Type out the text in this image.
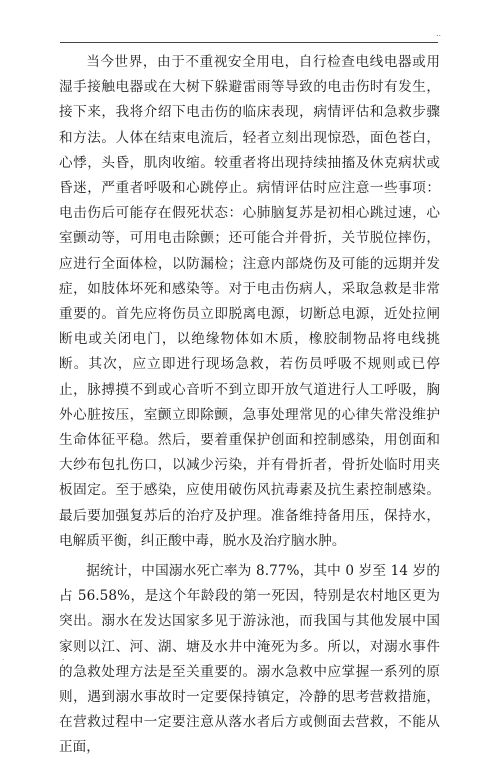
..

当今世界，由于不重视安全用电，自行检查电线电器或用湿手接触电器或在大树下躲避雷雨等导致的电击伤时有发生，接下来，我将介绍下电击伤的临床表现，病情评估和急救步骤和方法。人体在结束电流后，轻者立刻出现惊恐，面色苍白，心悸，头昏，肌肉收缩。较重者将出现持续抽搐及休克病状或昏迷，严重者呼吸和心跳停止。病情评估时应注意一些事项：电击伤后可能存在假死状态：心肺脑复苏是初相心跳过速，心室颤动等，可用电击除颤；还可能合并骨折，关节脱位摔伤，应进行全面体检，以防漏检；注意内部烧伤及可能的远期并发症，如肢体坏死和感染等。对于电击伤病人，采取急救是非常重要的。首先应将伤员立即脱离电源，切断总电源，近处拉闸断电或关闭电门，以绝缘物体如木质，橡胶制物品将电线挑断。其次，应立即进行现场急救，若伤员呼吸不规则或已停止，脉搏摸不到或心音听不到立即开放气道进行人工呼吸，胸外心脏按压，室颤立即除颤，急事处理常见的心律失常没维护生命体征平稳。然后，要着重保护创面和控制感染，用创面和大纱布包扎伤口，以减少污染，并有骨折者，骨折处临时用夹板固定。至于感染，应使用破伤风抗毒素及抗生素控制感染。最后要加强复苏后的治疗及护理。准备维持备用压，保持水，电解质平衡，纠正酸中毒，脱水及治疗脑水肿。

据统计，中国溺水死亡率为 8.77%，其中 0 岁至 14 岁的占 56.58%，是这个年龄段的第一死因，特别是农村地区更为突出。溺水在发达国家多见于游泳池，而我国与其他发展中国家则以江、河、湖、塘及水井中淹死为多。所以，对溺水事件的急救处理方法是至关重要的。溺水急救中应掌握一系列的原则，遇到溺水事故时一定要保持镇定，冷静的思考营救措施，在营救过程中一定要注意从落水者后方或侧面去营救，不能从正面，

.
